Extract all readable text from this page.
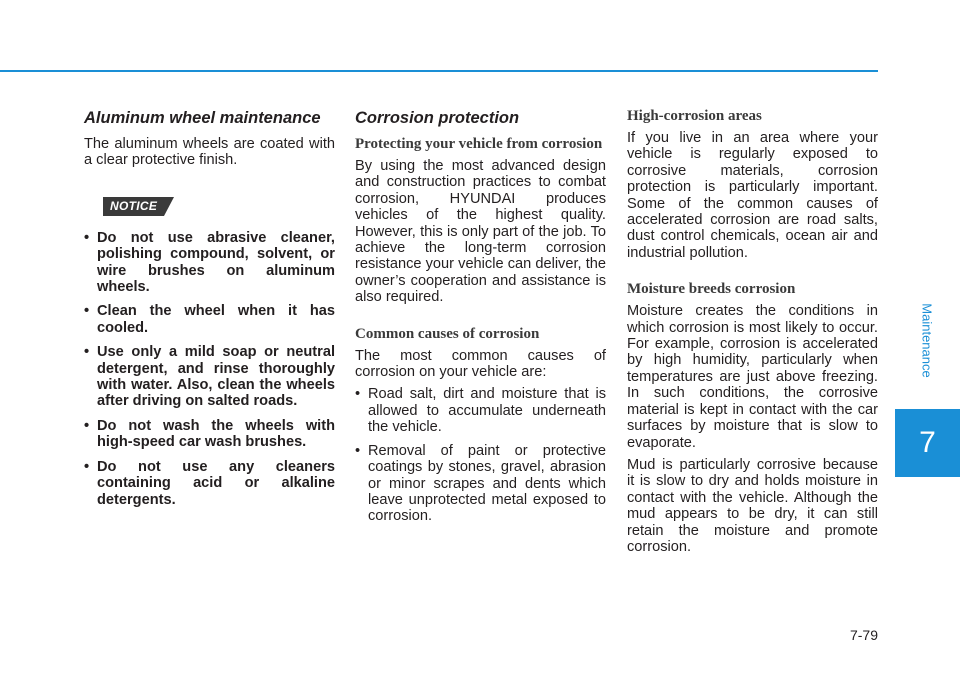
Aluminum wheel maintenance

The aluminum wheels are coated with a clear protective finish.

NOTICE
• Do not use abrasive cleaner, polishing compound, solvent, or wire brushes on aluminum wheels.
• Clean the wheel when it has cooled.
• Use only a mild soap or neutral detergent, and rinse thoroughly with water. Also, clean the wheels after driving on salted roads.
• Do not wash the wheels with high-speed car wash brushes.
• Do not use any cleaners containing acid or alkaline detergents.
Corrosion protection
Protecting your vehicle from corrosion

By using the most advanced design and construction practices to combat corrosion, HYUNDAI produces vehicles of the highest quality. However, this is only part of the job. To achieve the long-term corrosion resistance your vehicle can deliver, the owner’s cooperation and assistance is also required.

Common causes of corrosion

The most common causes of corrosion on your vehicle are:

• Road salt, dirt and moisture that is allowed to accumulate underneath the vehicle.
• Removal of paint or protective coatings by stones, gravel, abrasion or minor scrapes and dents which leave unprotected metal exposed to corrosion.
High-corrosion areas

If you live in an area where your vehicle is regularly exposed to corrosive materials, corrosion protection is particularly important. Some of the common causes of accelerated corrosion are road salts, dust control chemicals, ocean air and industrial pollution.

Moisture breeds corrosion

Moisture creates the conditions in which corrosion is most likely to occur. For example, corrosion is accelerated by high humidity, particularly when temperatures are just above freezing. In such conditions, the corrosive material is kept in contact with the car surfaces by moisture that is slow to evaporate.

Mud is particularly corrosive because it is slow to dry and holds moisture in contact with the vehicle. Although the mud appears to be dry, it can still retain the moisture and promote corrosion.

Maintenance
7
7-79
